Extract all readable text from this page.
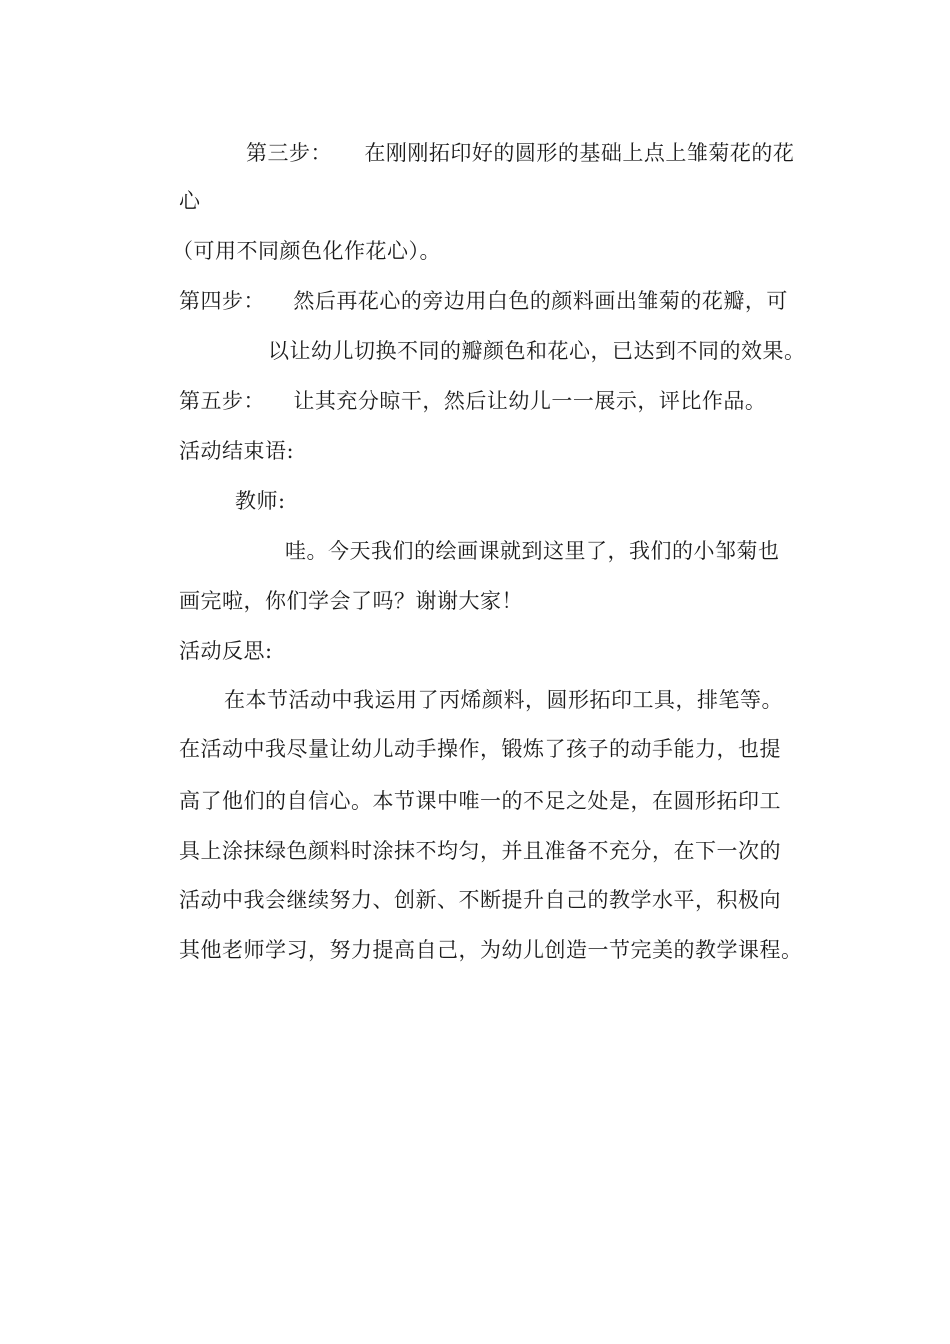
第三步： 在刚刚拓印好的圆形的基础上点上雏菊花的花
心
（可用不同颜色化作花心）。
第四步： 然后再花心的旁边用白色的颜料画出雏菊的花瓣，可
以让幼儿切换不同的瓣颜色和花心，已达到不同的效果。
第五步： 让其充分晾干，然后让幼儿一一展示，评比作品。
活动结束语:
教师:
哇。今天我们的绘画课就到这里了，我们的小邹菊也
画完啦，你们学会了吗？谢谢大家！
活动反思:
在本节活动中我运用了丙烯颜料，圆形拓印工具，排笔等。
在活动中我尽量让幼儿动手操作，锻炼了孩子的动手能力，也提
高了他们的自信心。本节课中唯一的不足之处是，在圆形拓印工
具上涂抹绿色颜料时涂抹不均匀，并且准备不充分，在下一次的
活动中我会继续努力、创新、不断提升自己的教学水平，积极向
其他老师学习，努力提高自己，为幼儿创造一节完美的教学课程。
